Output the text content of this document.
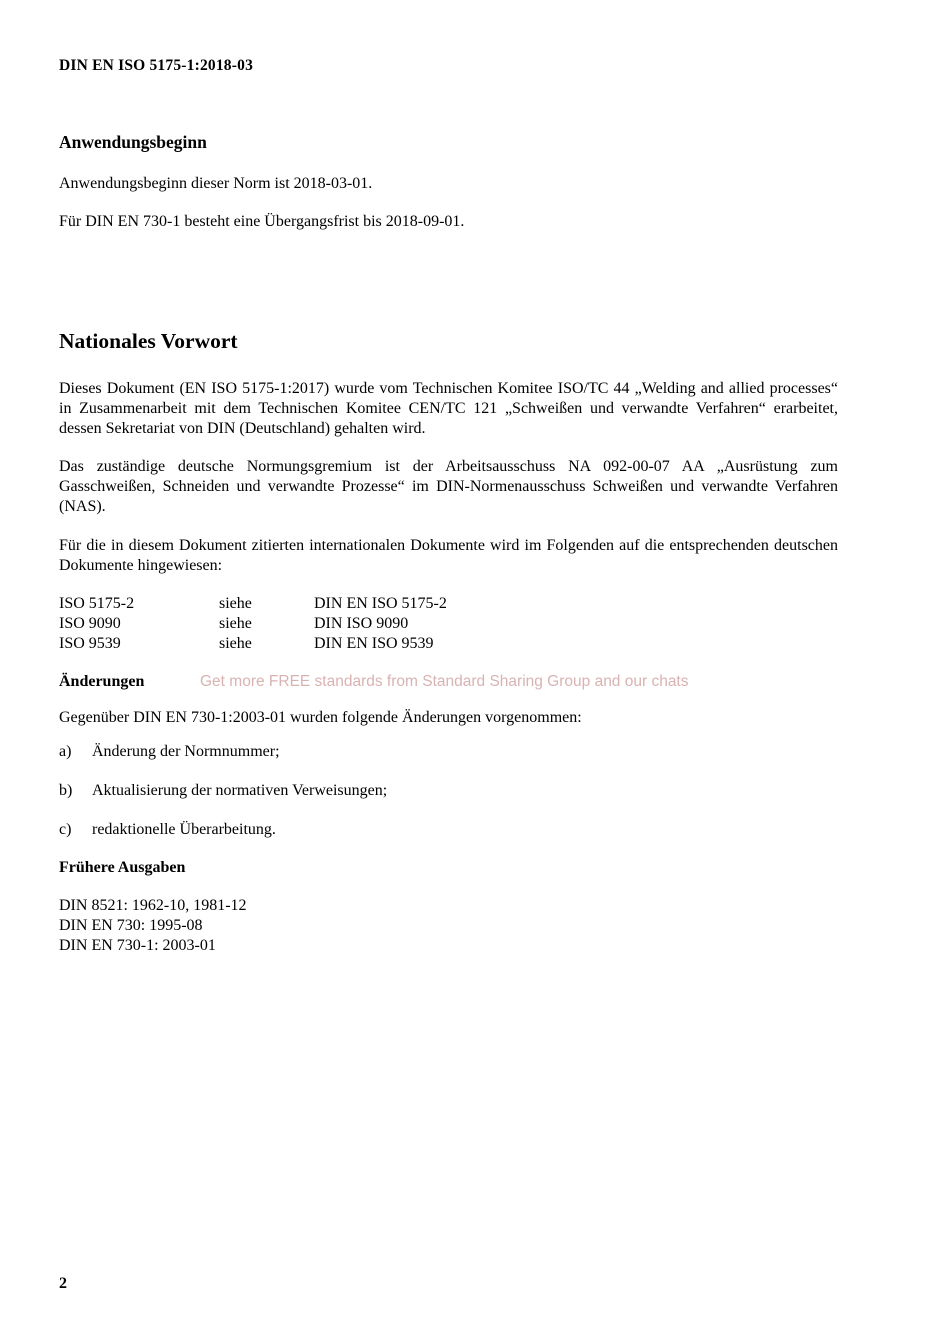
DIN EN ISO 5175-1:2018-03
Anwendungsbeginn

Anwendungsbeginn dieser Norm ist 2018-03-01.

Für DIN EN 730-1 besteht eine Übergangsfrist bis 2018-09-01.

Nationales Vorwort

Dieses Dokument (EN ISO 5175-1:2017) wurde vom Technischen Komitee ISO/TC 44 „Welding and allied processes“ in Zusammenarbeit mit dem Technischen Komitee CEN/TC 121 „Schweißen und verwandte Verfahren“ erarbeitet, dessen Sekretariat von DIN (Deutschland) gehalten wird.

Das zuständige deutsche Normungsgremium ist der Arbeitsausschuss NA 092-00-07 AA „Ausrüstung zum Gasschweißen, Schneiden und verwandte Prozesse“ im DIN-Normenausschuss Schweißen und verwandte Verfahren (NAS).

Für die in diesem Dokument zitierten internationalen Dokumente wird im Folgenden auf die entsprechenden deutschen Dokumente hingewiesen:

ISO 5175-2	siehe	DIN EN ISO 5175-2
ISO 9090	siehe	DIN ISO 9090
ISO 9539	siehe	DIN EN ISO 9539
Änderungen	Get more FREE standards from Standard Sharing Group and our chats

Gegenüber DIN EN 730-1:2003-01 wurden folgende Änderungen vorgenommen:

a)	Änderung der Normnummer;
b)	Aktualisierung der normativen Verweisungen;
c)	redaktionelle Überarbeitung.
Frühere Ausgaben
DIN 8521: 1962-10, 1981-12
DIN EN 730: 1995-08
DIN EN 730-1: 2003-01
2
